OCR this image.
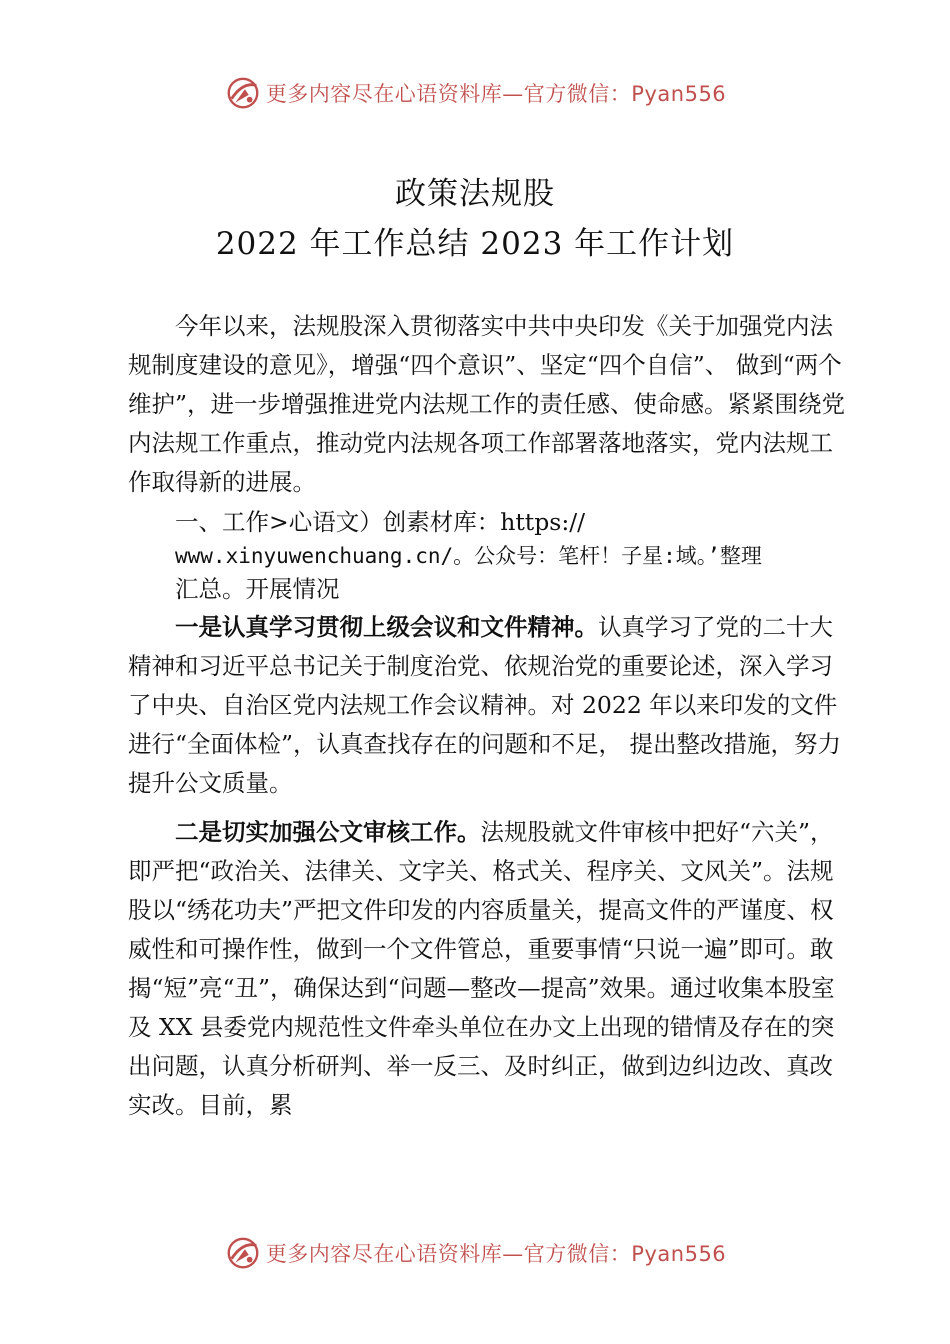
更多内容尽在心语资料库—官方微信：Pyan556
政策法规股
2022 年工作总结 2023 年工作计划

今年以来，法规股深入贯彻落实中共中央印发《关于加强党内法规制度建设的意见》，增强“四个意识”、坚定“四个自信”、 做到“两个维护”，进一步增强推进党内法规工作的责任感、使命感。紧紧围绕党内法规工作重点，推动党内法规各项工作部署落地落实，党内法规工作取得新的进展。

一、工作>心语文）创素材库：https://
www.xinyuwenchuang.cn/。公众号：笔杆！子星:域。’整理
汇总。开展情况

一是认真学习贯彻上级会议和文件精神。认真学习了党的二十大精神和习近平总书记关于制度治党、依规治党的重要论述，深入学习了中央、自治区党内法规工作会议精神。对 2022 年以来印发的文件进行“全面体检”，认真查找存在的问题和不足， 提出整改措施，努力提升公文质量。

二是切实加强公文审核工作。法规股就文件审核中把好“六关”，即严把“政治关、法律关、文字关、格式关、程序关、文风关”。法规股以“绣花功夫”严把文件印发的内容质量关，提高文件的严谨度、权威性和可操作性，做到一个文件管总，重要事情“只说一遍”即可。敢揭“短”亮“丑”，确保达到“问题—整改—提高”效果。通过收集本股室及 XX 县委党内规范性文件牵头单位在办文上出现的错情及存在的突出问题，认真分析研判、举一反三、及时纠正，做到边纠边改、真改实改。目前，累

更多内容尽在心语资料库—官方微信：Pyan556
